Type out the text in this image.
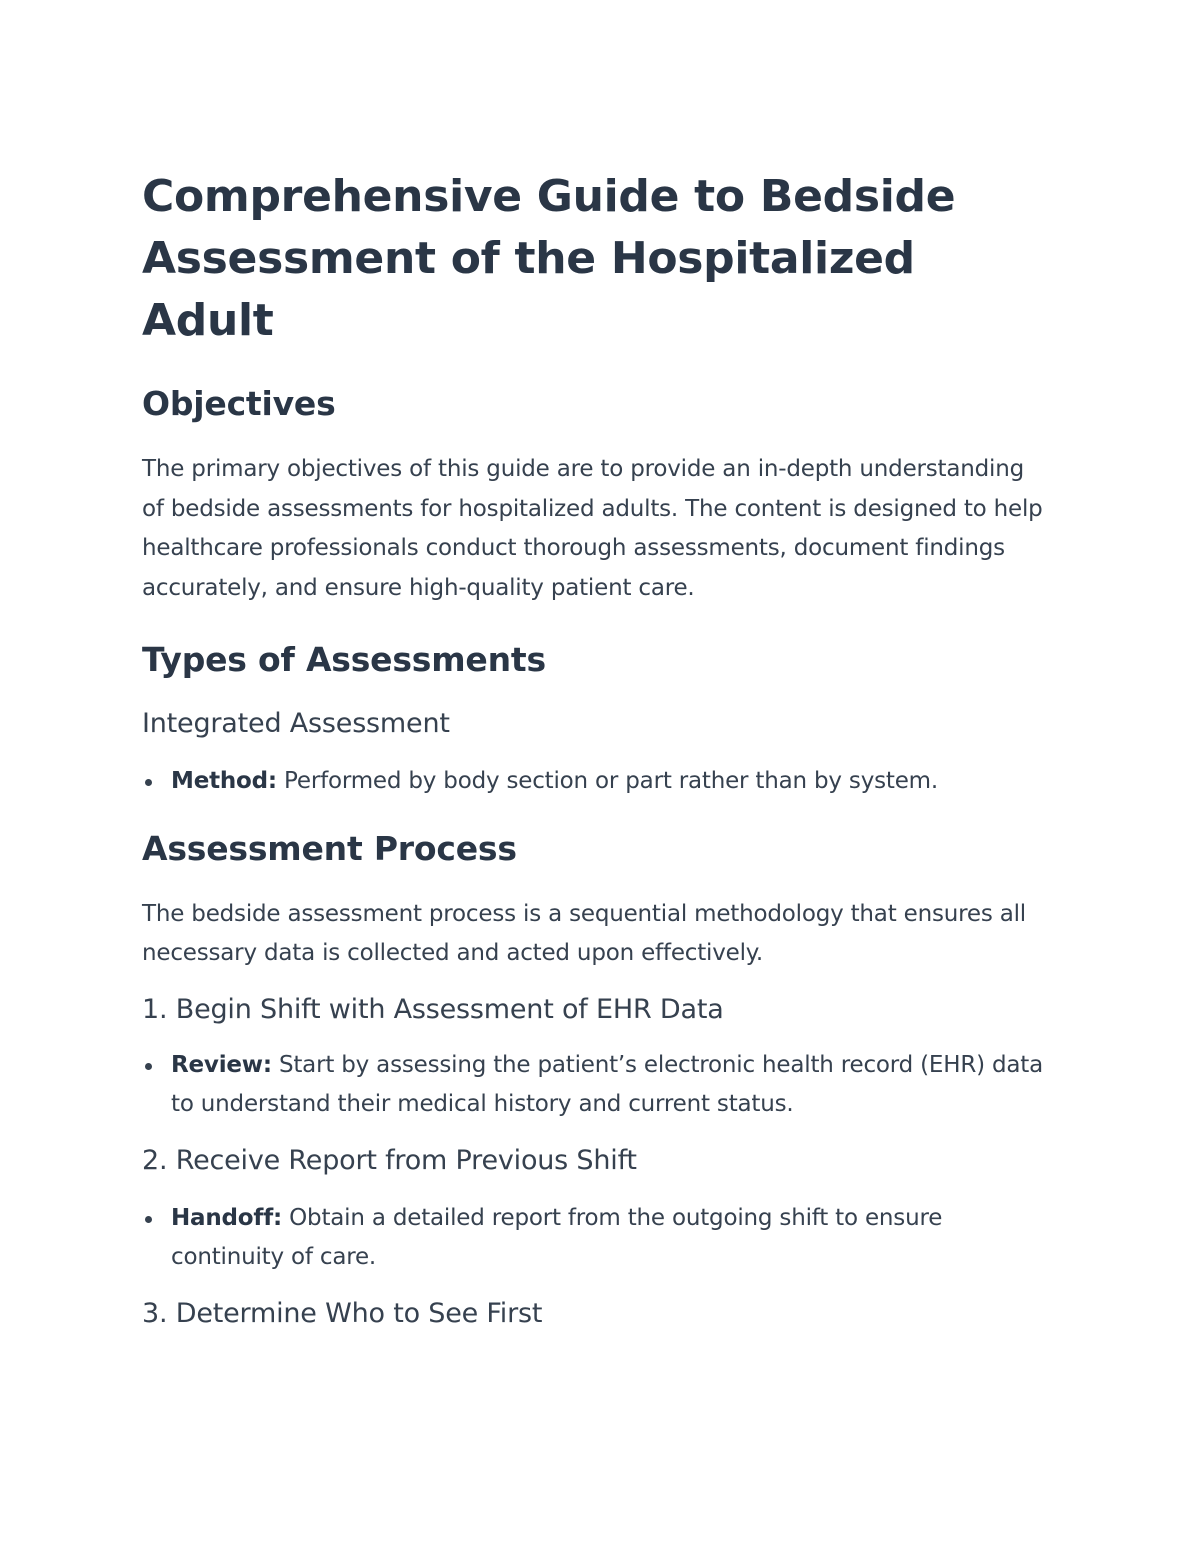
Comprehensive Guide to Bedside Assessment of the Hospitalized Adult
Objectives

The primary objectives of this guide are to provide an in-depth understanding of bedside assessments for hospitalized adults. The content is designed to help healthcare professionals conduct thorough assessments, document findings accurately, and ensure high-quality patient care.

Types of Assessments
Integrated Assessment
Method: Performed by body section or part rather than by system.
Assessment Process

The bedside assessment process is a sequential methodology that ensures all necessary data is collected and acted upon effectively.

1. Begin Shift with Assessment of EHR Data
Review: Start by assessing the patient’s electronic health record (EHR) data to understand their medical history and current status.
2. Receive Report from Previous Shift
Handoff: Obtain a detailed report from the outgoing shift to ensure continuity of care.
3. Determine Who to See First
